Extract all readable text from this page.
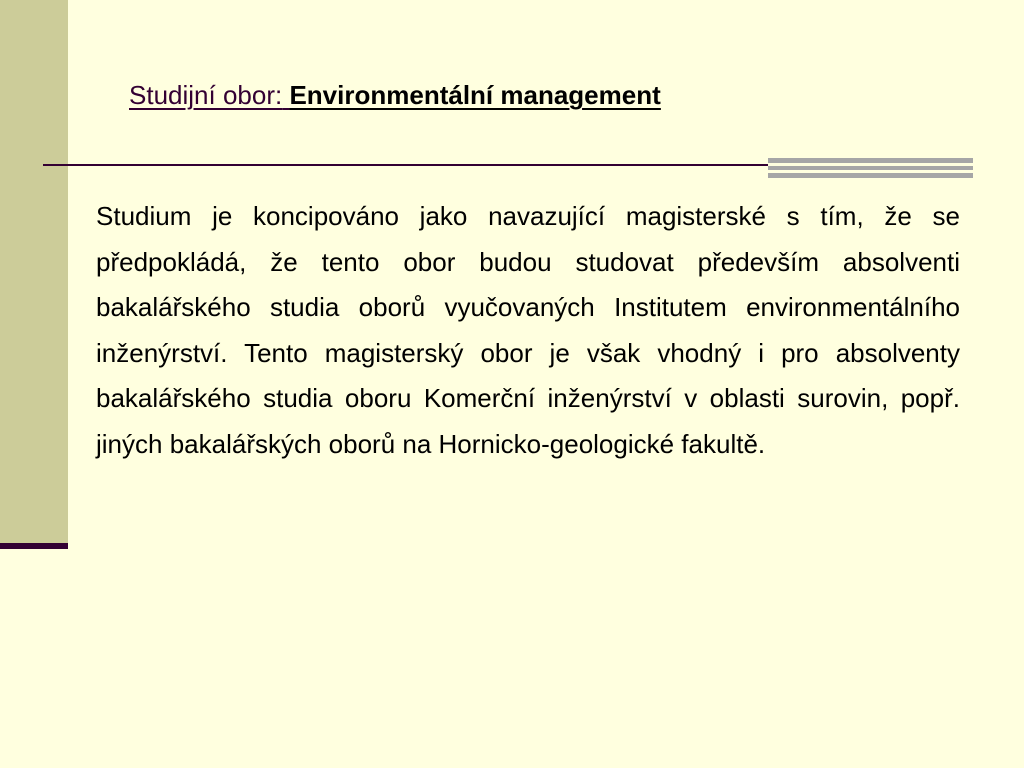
Studijní obor: Environmentální management

Studium je koncipováno jako navazující magisterské s tím, že se předpokládá, že tento obor budou studovat především absolventi bakalářského studia oborů vyučovaných Institutem environmentálního inženýrství. Tento magisterský obor je však vhodný i pro absolventy bakalářského studia oboru Komerční inženýrství v oblasti surovin, popř. jiných bakalářských oborů na Hornicko-geologické fakultě.
